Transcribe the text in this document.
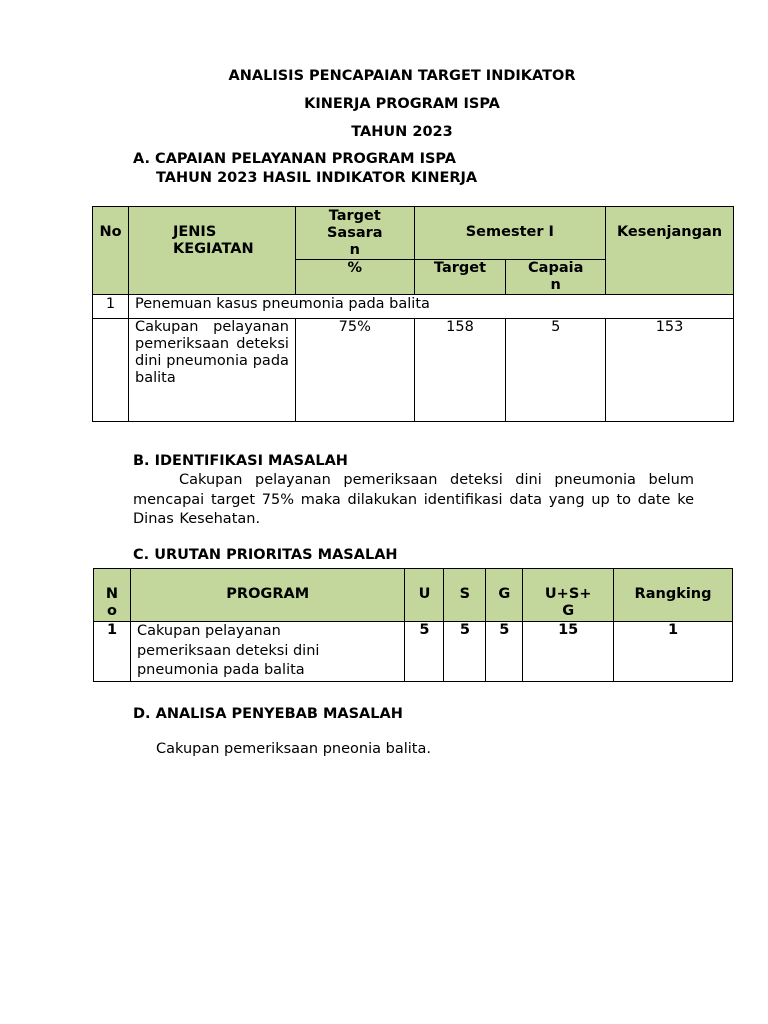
ANALISIS PENCAPAIAN TARGET INDIKATOR
KINERJA PROGRAM ISPA
TAHUN 2023
A. CAPAIAN PELAYANAN PROGRAM ISPA
TAHUN 2023 HASIL INDIKATOR KINERJA
No	JENIS KEGIATAN	Target Sasaran	Semester I		Kesenjangan
		%	Target	Capaian	
1	Penemuan kasus pneumonia pada balita				
	Cakupan pelayanan pemeriksaan deteksi dini pneumonia pada balita	75%	158	5	153
B. IDENTIFIKASI MASALAH
Cakupan pelayanan pemeriksaan deteksi dini pneumonia belum mencapai target 75% maka dilakukan identifikasi data yang up to date ke Dinas Kesehatan.
C. URUTAN PRIORITAS MASALAH
No	PROGRAM	U	S	G	U+S+G	Rangking
1	Cakupan pelayanan pemeriksaan deteksi dini pneumonia pada balita	5	5	5	15	1
D. ANALISA PENYEBAB MASALAH
Cakupan pemeriksaan pneonia balita.
